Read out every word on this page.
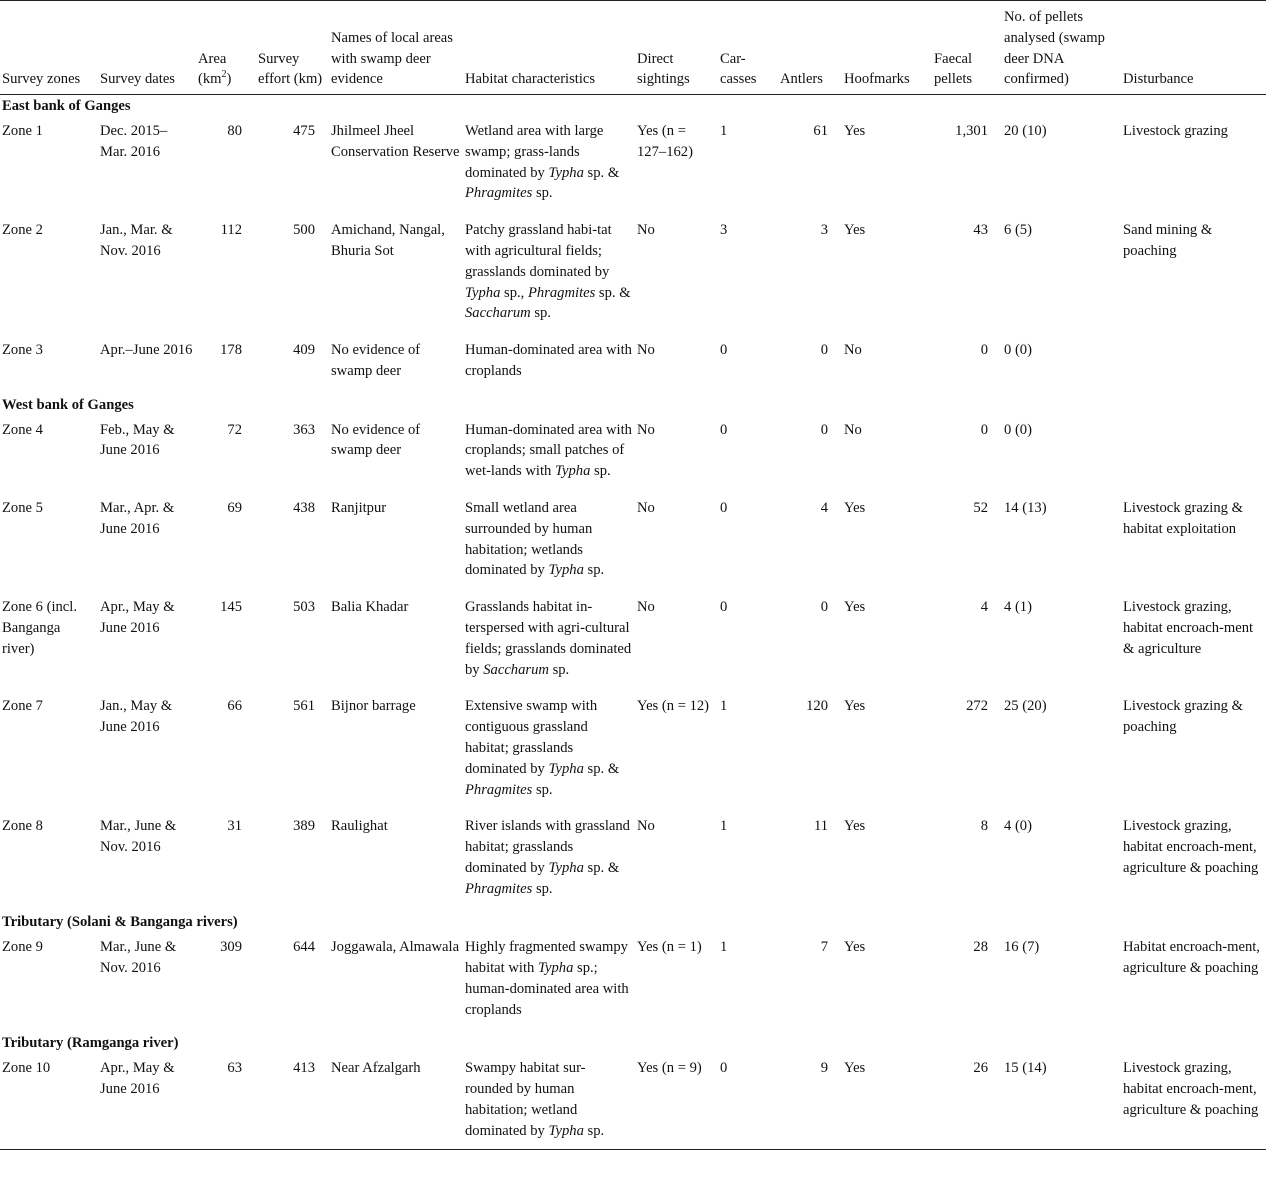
Survey zones	Survey dates	Area $(km^2)$	Survey effort (km)	Names of local areas with swamp deer evidence	Habitat characteristics	Direct sightings	Car-casses	Antlers	Hoofmarks	Faecal pellets	No. of pellets analysed (swamp deer DNA confirmed)	Disturbance
East bank of Ganges												
Zone 1	Dec. 2015–Mar. 2016	80	475	Jhilmeel Jheel Conservation Reserve	Wetland area with large swamp; grass-lands dominated by Typha sp. & Phragmites sp.	Yes (n = 127–162)	1	61	Yes	1,301	20 (10)	Livestock grazing
Zone 2	Jan., Mar. & Nov. 2016	112	500	Amichand, Nangal, Bhuria Sot	Patchy grassland habi-tat with agricultural fields; grasslands dominated by Typha sp., Phragmites sp. & Saccharum sp.	No	3	3	Yes	43	6 (5)	Sand mining & poaching
Zone 3	Apr.–June 2016	178	409	No evidence of swamp deer	Human-dominated area with croplands	No	0	0	No	0	0 (0)	
West bank of Ganges												
Zone 4	Feb., May & June 2016	72	363	No evidence of swamp deer	Human-dominated area with croplands; small patches of wet-lands with Typha sp.	No	0	0	No	0	0 (0)	
Zone 5	Mar., Apr. & June 2016	69	438	Ranjitpur	Small wetland area surrounded by human habitation; wetlands dominated by Typha sp.	No	0	4	Yes	52	14 (13)	Livestock grazing & habitat exploitation
Zone 6 (incl. Banganga river)	Apr., May & June 2016	145	503	Balia Khadar	Grasslands habitat in-terspersed with agri-cultural fields; grasslands dominated by Saccharum sp.	No	0	0	Yes	4	4 (1)	Livestock grazing, habitat encroach-ment & agriculture
Zone 7	Jan., May & June 2016	66	561	Bijnor barrage	Extensive swamp with contiguous grassland habitat; grasslands dominated by Typha sp. & Phragmites sp.	Yes (n = 12)	1	120	Yes	272	25 (20)	Livestock grazing & poaching
Zone 8	Mar., June & Nov. 2016	31	389	Raulighat	River islands with grassland habitat; grasslands dominated by Typha sp. & Phragmites sp.	No	1	11	Yes	8	4 (0)	Livestock grazing, habitat encroach-ment, agriculture & poaching
Tributary (Solani & Banganga rivers)												
Zone 9	Mar., June & Nov. 2016	309	644	Joggawala, Almawala	Highly fragmented swampy habitat with Typha sp.; human-dominated area with croplands	Yes (n = 1)	1	7	Yes	28	16 (7)	Habitat encroach-ment, agriculture & poaching
Tributary (Ramganga river)												
Zone 10	Apr., May & June 2016	63	413	Near Afzalgarh	Swampy habitat sur-rounded by human habitation; wetland dominated by Typha sp.	Yes (n = 9)	0	9	Yes	26	15 (14)	Livestock grazing, habitat encroach-ment, agriculture & poaching
